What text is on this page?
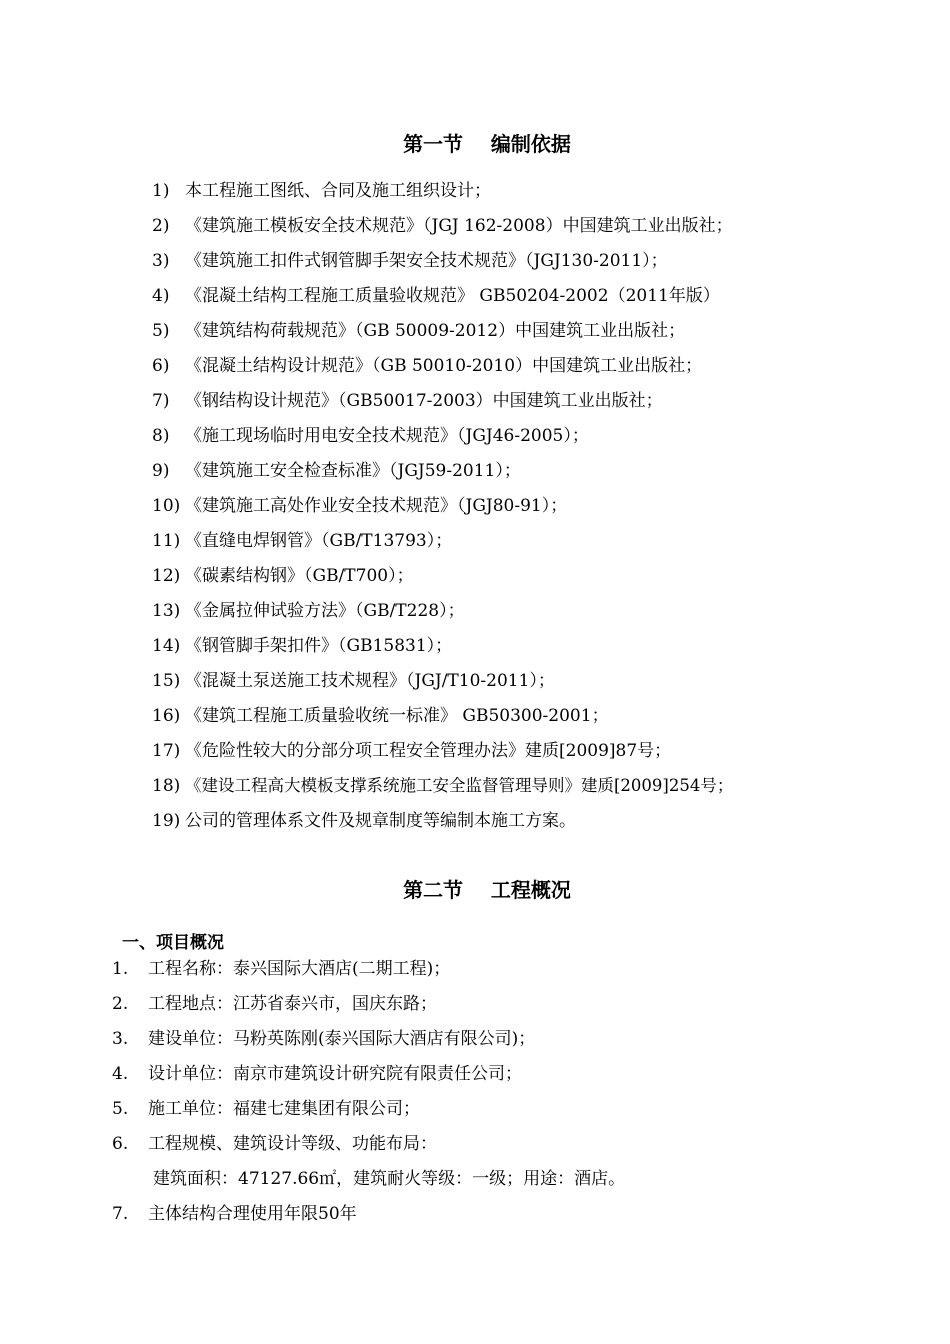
第一节    编制依据
1) 本工程施工图纸、合同及施工组织设计；
2) 《建筑施工模板安全技术规范》（JGJ 162-2008）中国建筑工业出版社；
3) 《建筑施工扣件式钢管脚手架安全技术规范》（JGJ130-2011）；
4) 《混凝土结构工程施工质量验收规范》 GB50204-2002（2011年版）
5) 《建筑结构荷载规范》（GB 50009-2012）中国建筑工业出版社；
6) 《混凝土结构设计规范》（GB 50010-2010）中国建筑工业出版社；
7) 《钢结构设计规范》（GB50017-2003）中国建筑工业出版社；
8) 《施工现场临时用电安全技术规范》（JGJ46-2005）；
9) 《建筑施工安全检查标准》（JGJ59-2011）；
10) 《建筑施工高处作业安全技术规范》（JGJ80-91）；
11) 《直缝电焊钢管》（GB/T13793）；
12) 《碳素结构钢》（GB/T700）；
13) 《金属拉伸试验方法》（GB/T228）；
14) 《钢管脚手架扣件》（GB15831）；
15) 《混凝土泵送施工技术规程》（JGJ/T10-2011）；
16) 《建筑工程施工质量验收统一标准》 GB50300-2001；
17) 《危险性较大的分部分项工程安全管理办法》建质[2009]87号；
18) 《建设工程高大模板支撑系统施工安全监督管理导则》建质[2009]254号；
19) 公司的管理体系文件及规章制度等编制本施工方案。
第二节    工程概况
一、项目概况
1. 工程名称：泰兴国际大酒店(二期工程)；
2. 工程地点：江苏省泰兴市，国庆东路；
3. 建设单位：马粉英陈刚(泰兴国际大酒店有限公司)；
4. 设计单位：南京市建筑设计研究院有限责任公司；
5. 施工单位：福建七建集团有限公司；
6. 工程规模、建筑设计等级、功能布局：
建筑面积：47127.66㎡，建筑耐火等级：一级；用途：酒店。
7. 主体结构合理使用年限50年
